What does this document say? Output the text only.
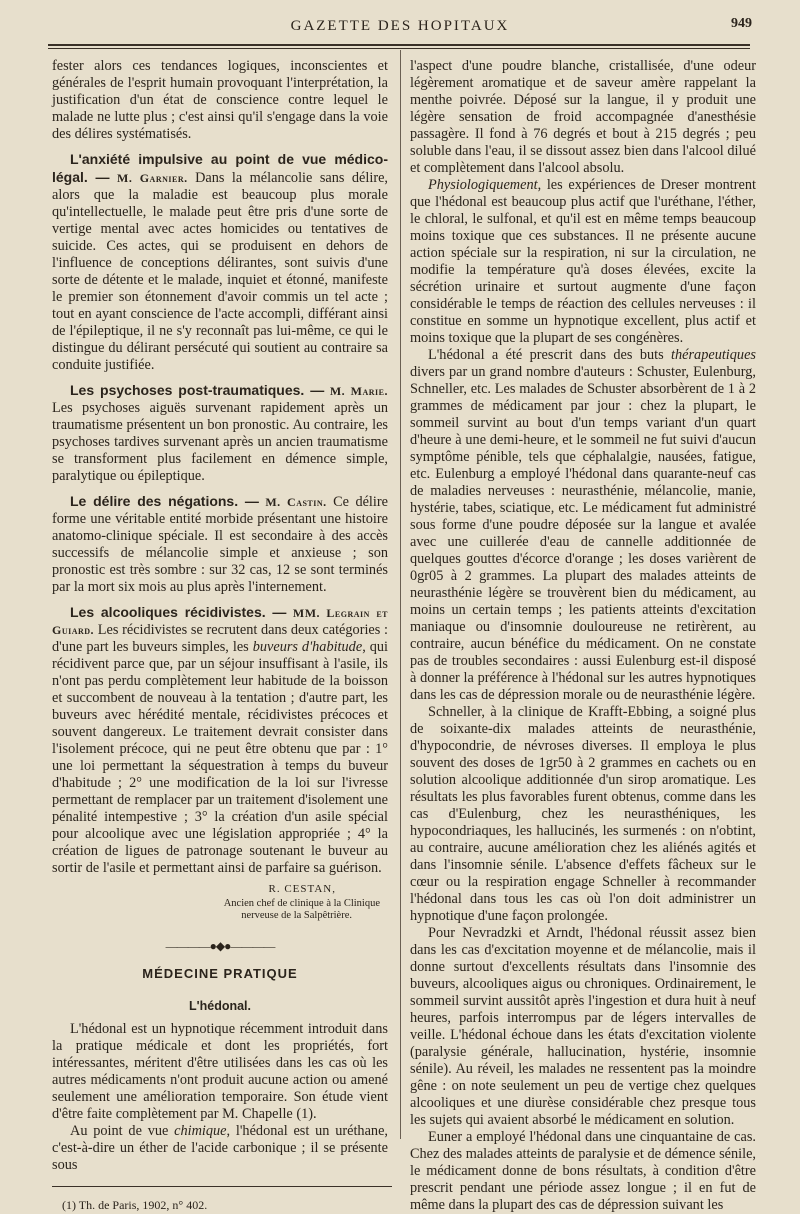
GAZETTE DES HOPITAUX	949

fester alors ces tendances logiques, inconscientes et générales de l'esprit humain provoquant l'interprétation, la justification d'un état de conscience contre lequel le malade ne lutte plus ; c'est ainsi qu'il s'engage dans la voie des délires systématisés.

L'anxiété impulsive au point de vue médico-légal. — M. Garnier. Dans la mélancolie sans délire, alors que la maladie est beaucoup plus morale qu'intellectuelle, le malade peut être pris d'une sorte de vertige mental avec actes homicides ou tentatives de suicide. Ces actes, qui se produisent en dehors de l'influence de conceptions délirantes, sont suivis d'une sorte de détente et le malade, inquiet et étonné, manifeste le premier son étonnement d'avoir commis un tel acte ; tout en ayant conscience de l'acte accompli, différant ainsi de l'épileptique, il ne s'y reconnaît pas lui-même, ce qui le distingue du délirant persécuté qui soutient au contraire sa conduite justifiée.

Les psychoses post-traumatiques. — M. Marie. Les psychoses aiguës survenant rapidement après un traumatisme présentent un bon pronostic. Au contraire, les psychoses tardives survenant après un ancien traumatisme se transforment plus facilement en démence simple, paralytique ou épileptique.

Le délire des négations. — M. Castin. Ce délire forme une véritable entité morbide présentant une histoire anatomo-clinique spéciale. Il est secondaire à des accès successifs de mélancolie simple et anxieuse ; son pronostic est très sombre : sur 32 cas, 12 se sont terminés par la mort six mois au plus après l'internement.

Les alcooliques récidivistes. — MM. Legrain et Guiard. Les récidivistes se recrutent dans deux catégories : d'une part les buveurs simples, les buveurs d'habitude, qui récidivent parce que, par un séjour insuffisant à l'asile, ils n'ont pas perdu complètement leur habitude de la boisson et succombent de nouveau à la tentation ; d'autre part, les buveurs avec hérédité mentale, récidivistes précoces et souvent dangereux. Le traitement devrait consister dans l'isolement précoce, qui ne peut être obtenu que par : 1° une loi permettant la séquestration à temps du buveur d'habitude ; 2° une modification de la loi sur l'ivresse permettant de remplacer par un traitement d'isolement une pénalité intempestive ; 3° la création d'un asile spécial pour alcoolique avec une législation appropriée ; 4° la création de ligues de patronage soutenant le buveur au sortir de l'asile et permettant ainsi de parfaire sa guérison.

R. CESTAN,
Ancien chef de clinique à la Clinique
nerveuse de la Salpêtrière.
————●◆●————
MÉDECINE PRATIQUE
L'hédonal.

L'hédonal est un hypnotique récemment introduit dans la pratique médicale et dont les propriétés, fort intéressantes, méritent d'être utilisées dans les cas où les autres médicaments n'ont produit aucune action ou amené seulement une amélioration temporaire. Son étude vient d'être faite complètement par M. Chapelle (1).

Au point de vue chimique, l'hédonal est un uréthane, c'est-à-dire un éther de l'acide carbonique ; il se présente sous

(1) Th. de Paris, 1902, n° 402.

l'aspect d'une poudre blanche, cristallisée, d'une odeur légèrement aromatique et de saveur amère rappelant la menthe poivrée. Déposé sur la langue, il y produit une légère sensation de froid accompagnée d'anesthésie passagère. Il fond à 76 degrés et bout à 215 degrés ; peu soluble dans l'eau, il se dissout assez bien dans l'alcool dilué et complètement dans l'alcool absolu.

Physiologiquement, les expériences de Dreser montrent que l'hédonal est beaucoup plus actif que l'uréthane, l'éther, le chloral, le sulfonal, et qu'il est en même temps beaucoup moins toxique que ces substances. Il ne présente aucune action spéciale sur la respiration, ni sur la circulation, ne modifie la température qu'à doses élevées, excite la sécrétion urinaire et surtout augmente d'une façon considérable le temps de réaction des cellules nerveuses : il constitue en somme un hypnotique excellent, plus actif et moins toxique que la plupart de ses congénères.

L'hédonal a été prescrit dans des buts thérapeutiques divers par un grand nombre d'auteurs : Schuster, Eulenburg, Schneller, etc. Les malades de Schuster absorbèrent de 1 à 2 grammes de médicament par jour : chez la plupart, le sommeil survint au bout d'un temps variant d'un quart d'heure à une demi-heure, et le sommeil ne fut suivi d'aucun symptôme pénible, tels que céphalalgie, nausées, fatigue, etc. Eulenburg a employé l'hédonal dans quarante-neuf cas de maladies nerveuses : neurasthénie, mélancolie, manie, hystérie, tabes, sciatique, etc. Le médicament fut administré sous forme d'une poudre déposée sur la langue et avalée avec une cuillerée d'eau de cannelle additionnée de quelques gouttes d'écorce d'orange ; les doses varièrent de 0gr05 à 2 grammes. La plupart des malades atteints de neurasthénie légère se trouvèrent bien du médicament, au moins un certain temps ; les patients atteints d'excitation maniaque ou d'insomnie douloureuse ne retirèrent, au contraire, aucun bénéfice du médicament. On ne constate pas de troubles secondaires : aussi Eulenburg est-il disposé à donner la préférence à l'hédonal sur les autres hypnotiques dans les cas de dépression morale ou de neurasthénie légère.

Schneller, à la clinique de Krafft-Ebbing, a soigné plus de soixante-dix malades atteints de neurasthénie, d'hypocondrie, de névroses diverses. Il employa le plus souvent des doses de 1gr50 à 2 grammes en cachets ou en solution alcoolique additionnée d'un sirop aromatique. Les résultats les plus favorables furent obtenus, comme dans les cas d'Eulenburg, chez les neurasthéniques, les hypocondriaques, les hallucinés, les surmenés : on n'obtint, au contraire, aucune amélioration chez les aliénés agités et dans l'insomnie sénile. L'absence d'effets fâcheux sur le cœur ou la respiration engage Schneller à recommander l'hédonal dans tous les cas où l'on doit administrer un hypnotique d'une façon prolongée.

Pour Nevradzki et Arndt, l'hédonal réussit assez bien dans les cas d'excitation moyenne et de mélancolie, mais il donne surtout d'excellents résultats dans l'insomnie des buveurs, alcooliques aigus ou chroniques. Ordinairement, le sommeil survint aussitôt après l'ingestion et dura huit à neuf heures, parfois interrompus par de légers intervalles de veille. L'hédonal échoue dans les états d'excitation violente (paralysie générale, hallucination, hystérie, insomnie sénile). Au réveil, les malades ne ressentent pas la moindre gêne : on note seulement un peu de vertige chez quelques alcooliques et une diurèse considérable chez presque tous les sujets qui avaient absorbé le médicament en solution.

Euner a employé l'hédonal dans une cinquantaine de cas. Chez des malades atteints de paralysie et de démence sénile, le médicament donne de bons résultats, à condition d'être prescrit pendant une période assez longue ; il en fut de même dans la plupart des cas de dépression suivant les
